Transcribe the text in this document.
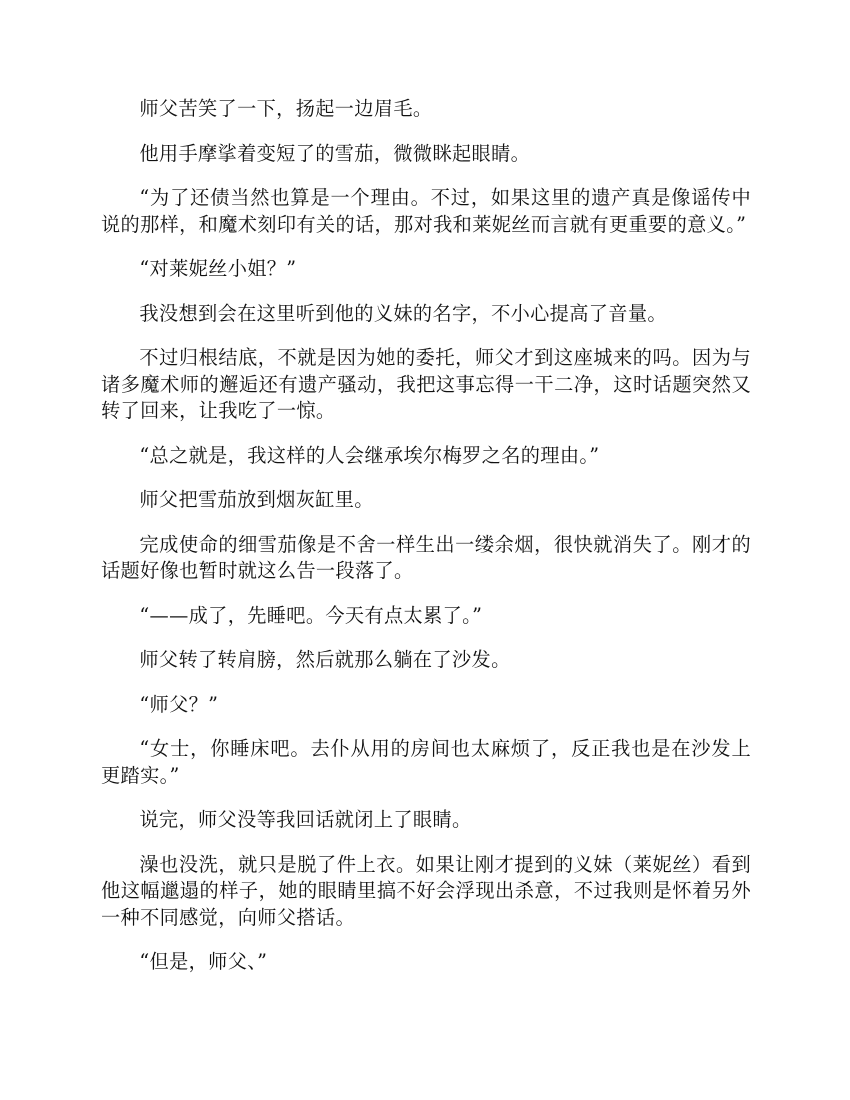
师父苦笑了一下，扬起一边眉毛。

他用手摩挲着变短了的雪茄，微微眯起眼睛。

“为了还债当然也算是一个理由。不过，如果这里的遗产真是像谣传中说的那样，和魔术刻印有关的话，那对我和莱妮丝而言就有更重要的意义。”

“对莱妮丝小姐？”

我没想到会在这里听到他的义妹的名字，不小心提高了音量。

不过归根结底，不就是因为她的委托，师父才到这座城来的吗。因为与诸多魔术师的邂逅还有遗产骚动，我把这事忘得一干二净，这时话题突然又转了回来，让我吃了一惊。

“总之就是，我这样的人会继承埃尔梅罗之名的理由。”

师父把雪茄放到烟灰缸里。

完成使命的细雪茄像是不舍一样生出一缕余烟，很快就消失了。刚才的话题好像也暂时就这么告一段落了。

“——成了，先睡吧。今天有点太累了。”

师父转了转肩膀，然后就那么躺在了沙发。

“师父？”

“女士，你睡床吧。去仆从用的房间也太麻烦了，反正我也是在沙发上更踏实。”

说完，师父没等我回话就闭上了眼睛。

澡也没洗，就只是脱了件上衣。如果让刚才提到的义妹（莱妮丝）看到他这幅邋遢的样子，她的眼睛里搞不好会浮现出杀意，不过我则是怀着另外一种不同感觉，向师父搭话。

“但是，师父、”
